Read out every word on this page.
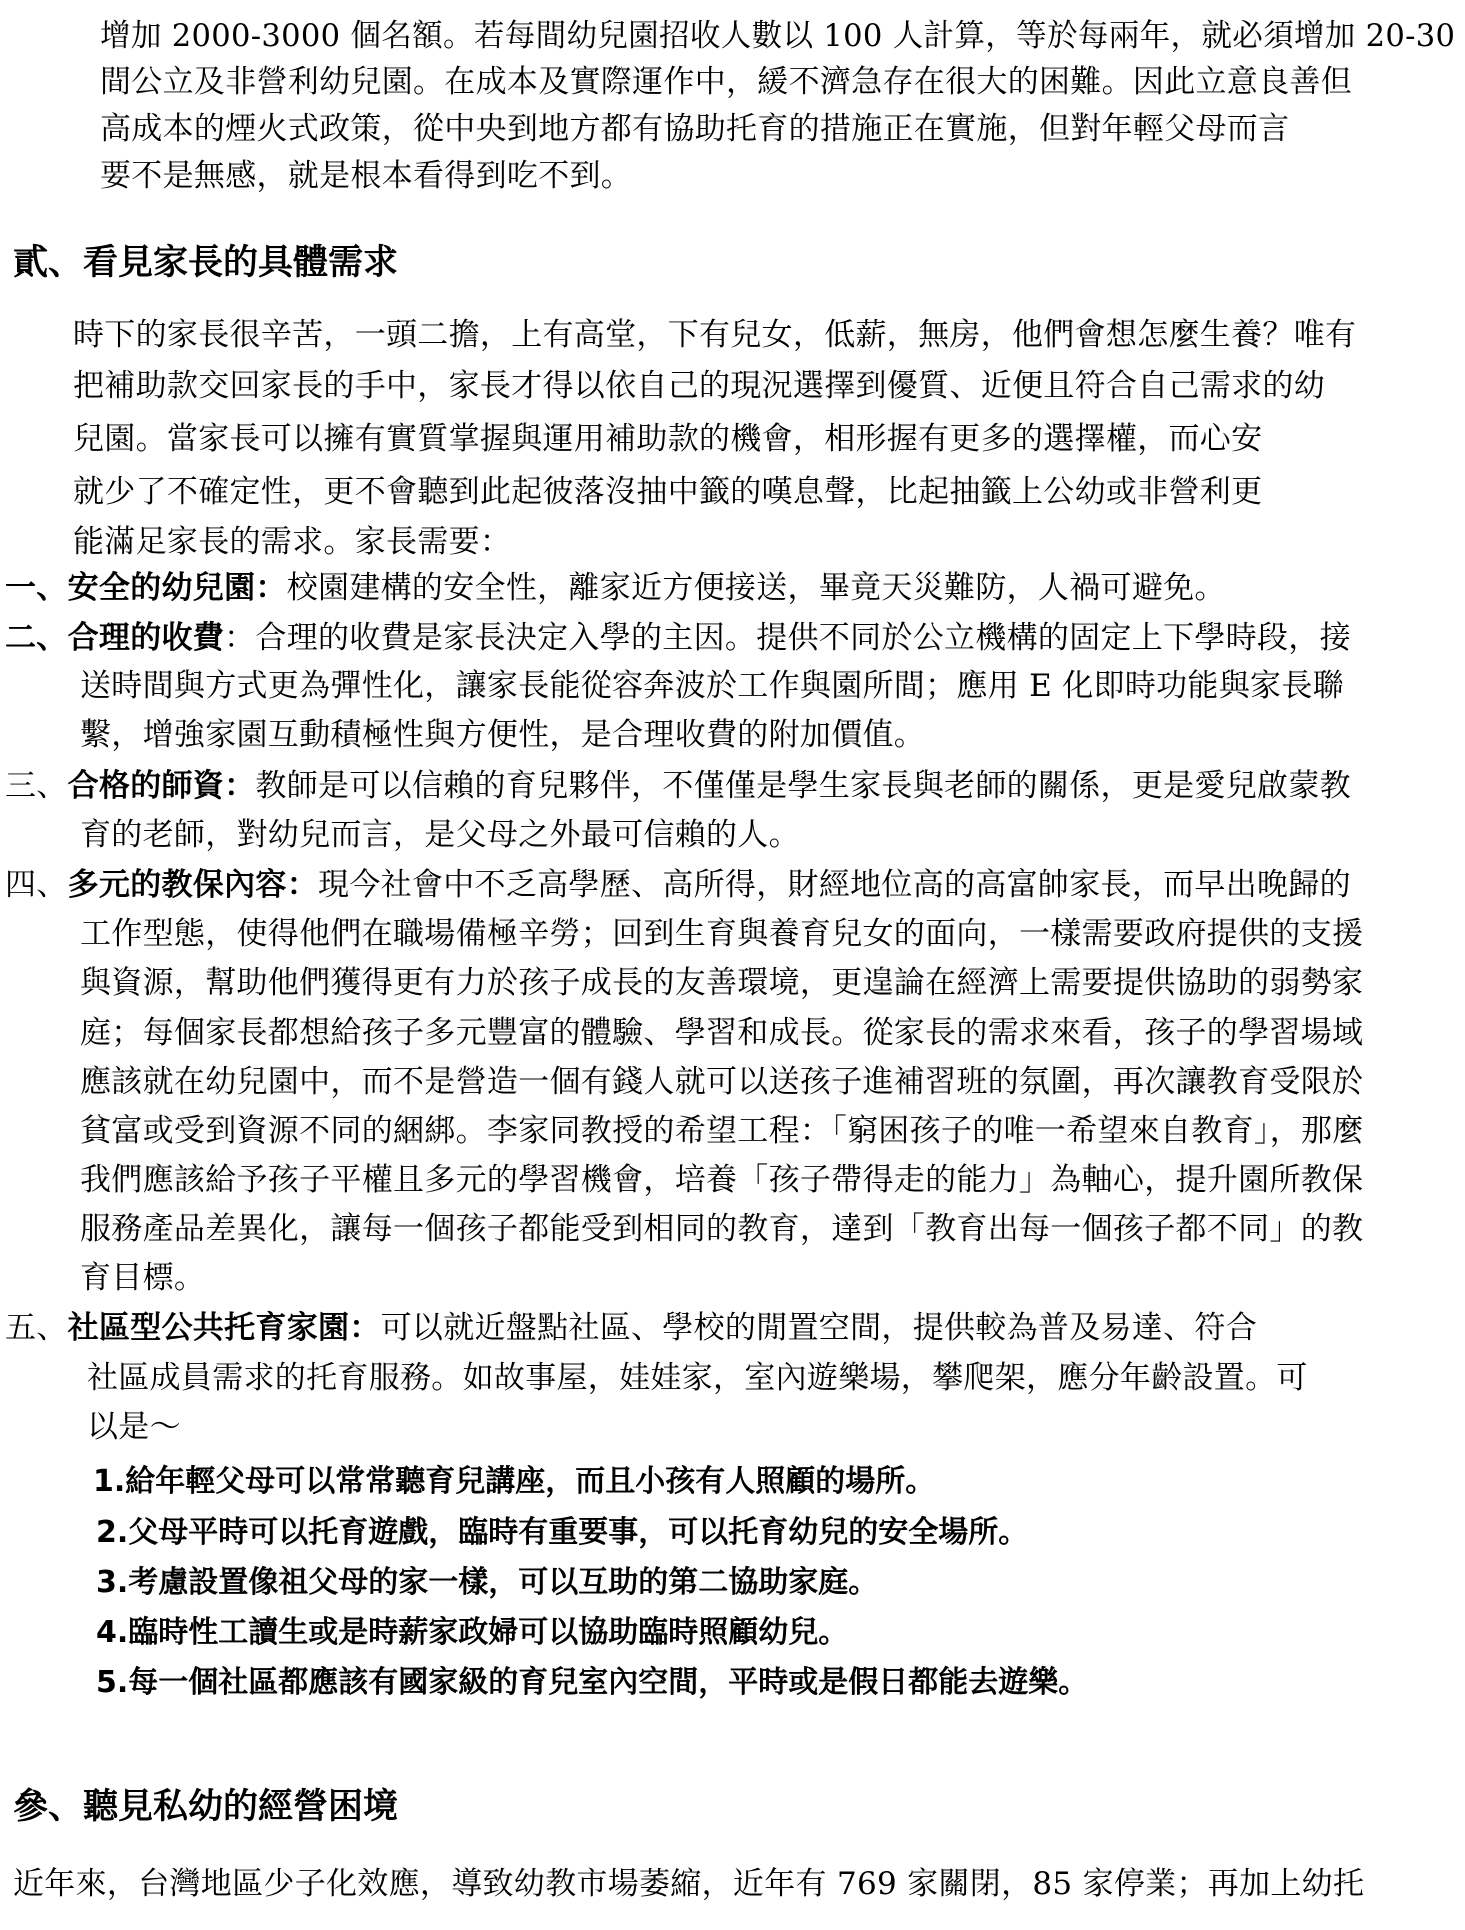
增加 2000-3000 個名額。若每間幼兒園招收人數以 100 人計算，等於每兩年，就必須增加 20-30
間公立及非營利幼兒園。在成本及實際運作中，緩不濟急存在很大的困難。因此立意良善但
高成本的煙火式政策，從中央到地方都有協助托育的措施正在實施，但對年輕父母而言
要不是無感，就是根本看得到吃不到。
貳、看見家長的具體需求
時下的家長很辛苦，一頭二擔，上有高堂，下有兒女，低薪，無房，他們會想怎麼生養？唯有
把補助款交回家長的手中，家長才得以依自己的現況選擇到優質、近便且符合自己需求的幼
兒園。當家長可以擁有實質掌握與運用補助款的機會，相形握有更多的選擇權，而心安
就少了不確定性，更不會聽到此起彼落沒抽中籤的嘆息聲，比起抽籤上公幼或非營利更
能滿足家長的需求。家長需要：
一、安全的幼兒園：校園建構的安全性，離家近方便接送，畢竟天災難防，人禍可避免。
二、合理的收費：合理的收費是家長決定入學的主因。提供不同於公立機構的固定上下學時段，接
送時間與方式更為彈性化，讓家長能從容奔波於工作與園所間；應用 E 化即時功能與家長聯
繫，增強家園互動積極性與方便性，是合理收費的附加價值。
三、合格的師資：教師是可以信賴的育兒夥伴，不僅僅是學生家長與老師的關係，更是愛兒啟蒙教
育的老師，對幼兒而言，是父母之外最可信賴的人。
四、多元的教保內容：現今社會中不乏高學歷、高所得，財經地位高的高富帥家長，而早出晚歸的
工作型態，使得他們在職場備極辛勞；回到生育與養育兒女的面向，一樣需要政府提供的支援
與資源，幫助他們獲得更有力於孩子成長的友善環境，更遑論在經濟上需要提供協助的弱勢家
庭；每個家長都想給孩子多元豐富的體驗、學習和成長。從家長的需求來看，孩子的學習場域
應該就在幼兒園中，而不是營造一個有錢人就可以送孩子進補習班的氛圍，再次讓教育受限於
貧富或受到資源不同的綑綁。李家同教授的希望工程：「窮困孩子的唯一希望來自教育」，那麼
我們應該給予孩子平權且多元的學習機會，培養「孩子帶得走的能力」為軸心，提升園所教保
服務產品差異化，讓每一個孩子都能受到相同的教育，達到「教育出每一個孩子都不同」的教
育目標。
五、社區型公共托育家園：可以就近盤點社區、學校的閒置空間，提供較為普及易達、符合
社區成員需求的托育服務。如故事屋，娃娃家，室內遊樂場，攀爬架，應分年齡設置。可
以是～
1.給年輕父母可以常常聽育兒講座，而且小孩有人照顧的場所。
2.父母平時可以托育遊戲，臨時有重要事，可以托育幼兒的安全場所。
3.考慮設置像祖父母的家一樣，可以互助的第二協助家庭。
4.臨時性工讀生或是時薪家政婦可以協助臨時照顧幼兒。
5.每一個社區都應該有國家級的育兒室內空間，平時或是假日都能去遊樂。
參、聽見私幼的經營困境
近年來，台灣地區少子化效應，導致幼教市場萎縮，近年有 769 家關閉，85 家停業；再加上幼托
